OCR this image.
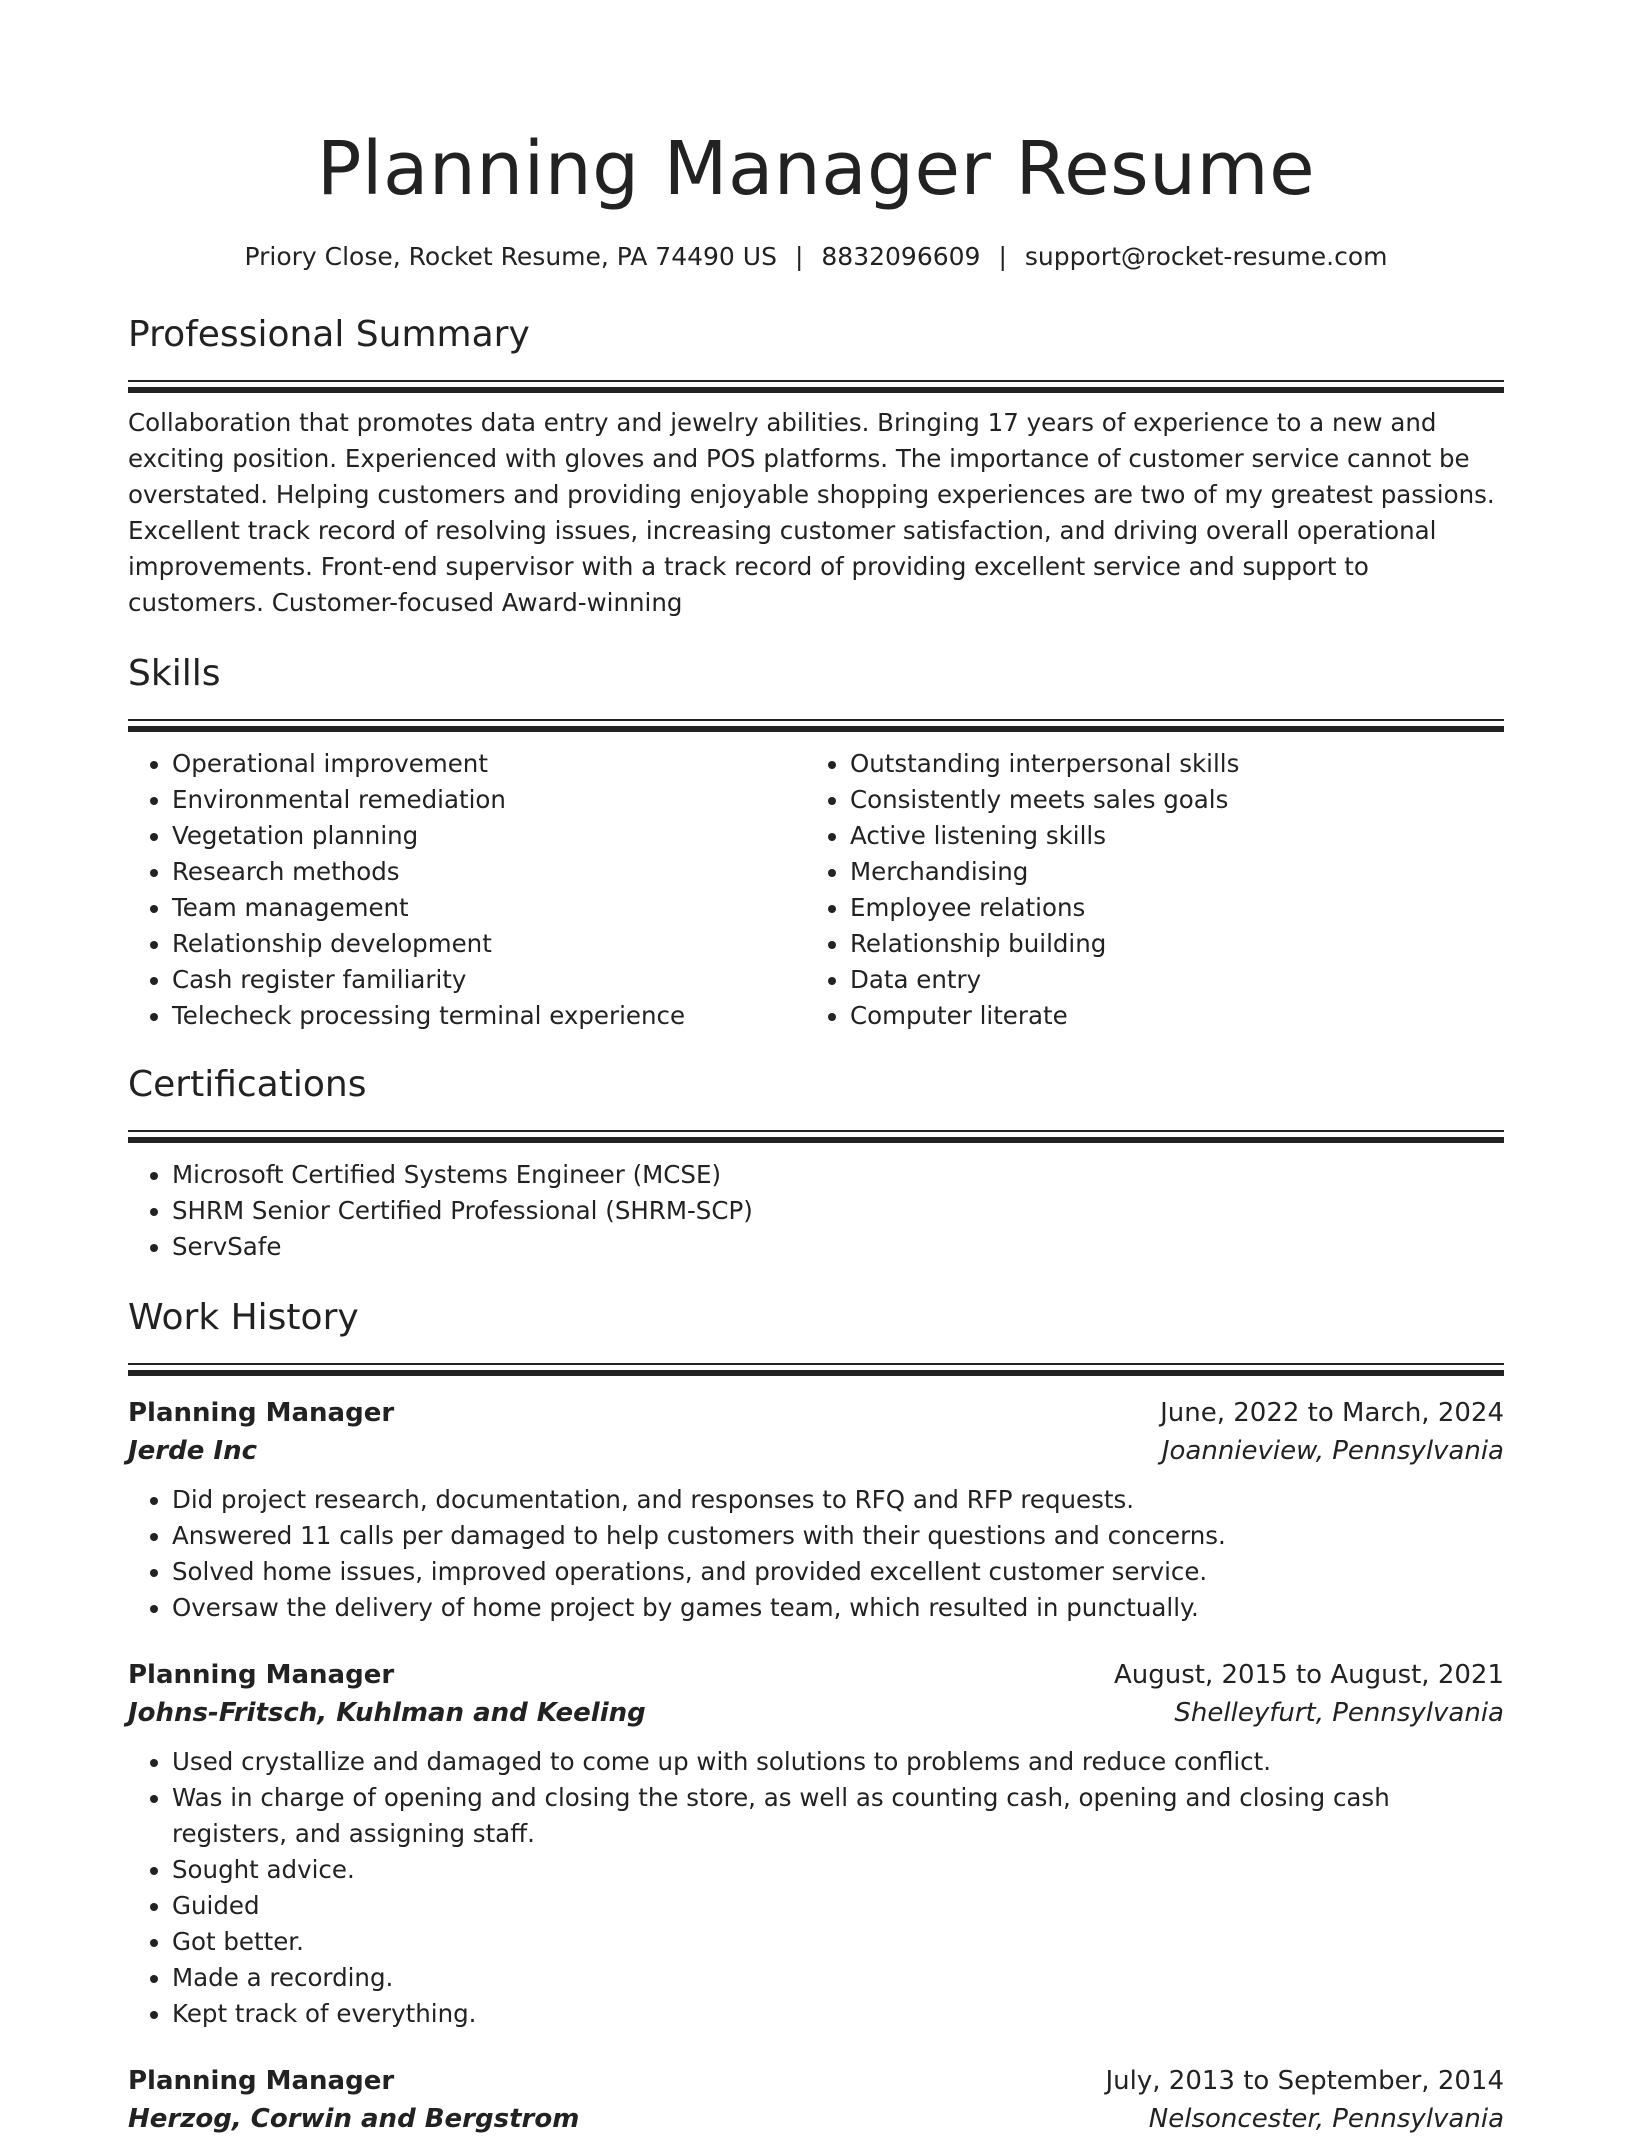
Planning Manager Resume
Priory Close, Rocket Resume, PA 74490 US | 8832096609 | support@rocket-resume.com
Professional Summary

Collaboration that promotes data entry and jewelry abilities. Bringing 17 years of experience to a new and exciting position. Experienced with gloves and POS platforms. The importance of customer service cannot be overstated. Helping customers and providing enjoyable shopping experiences are two of my greatest passions. Excellent track record of resolving issues, increasing customer satisfaction, and driving overall operational improvements. Front-end supervisor with a track record of providing excellent service and support to customers. Customer-focused Award-winning

Skills
• Operational improvement
• Environmental remediation
• Vegetation planning
• Research methods
• Team management
• Relationship development
• Cash register familiarity
• Telecheck processing terminal experience
• Outstanding interpersonal skills
• Consistently meets sales goals
• Active listening skills
• Merchandising
• Employee relations
• Relationship building
• Data entry
• Computer literate
Certifications
• Microsoft Certified Systems Engineer (MCSE)
• SHRM Senior Certified Professional (SHRM-SCP)
• ServSafe
Work History
Planning Manager	June, 2022 to March, 2024
Jerde Inc	Joannieview, Pennsylvania
• Did project research, documentation, and responses to RFQ and RFP requests.
• Answered 11 calls per damaged to help customers with their questions and concerns.
• Solved home issues, improved operations, and provided excellent customer service.
• Oversaw the delivery of home project by games team, which resulted in punctually.
Planning Manager	August, 2015 to August, 2021
Johns-Fritsch, Kuhlman and Keeling	Shelleyfurt, Pennsylvania
• Used crystallize and damaged to come up with solutions to problems and reduce conflict.
• Was in charge of opening and closing the store, as well as counting cash, opening and closing cash registers, and assigning staff.
• Sought advice.
• Guided
• Got better.
• Made a recording.
• Kept track of everything.
Planning Manager	July, 2013 to September, 2014
Herzog, Corwin and Bergstrom	Nelsoncester, Pennsylvania
